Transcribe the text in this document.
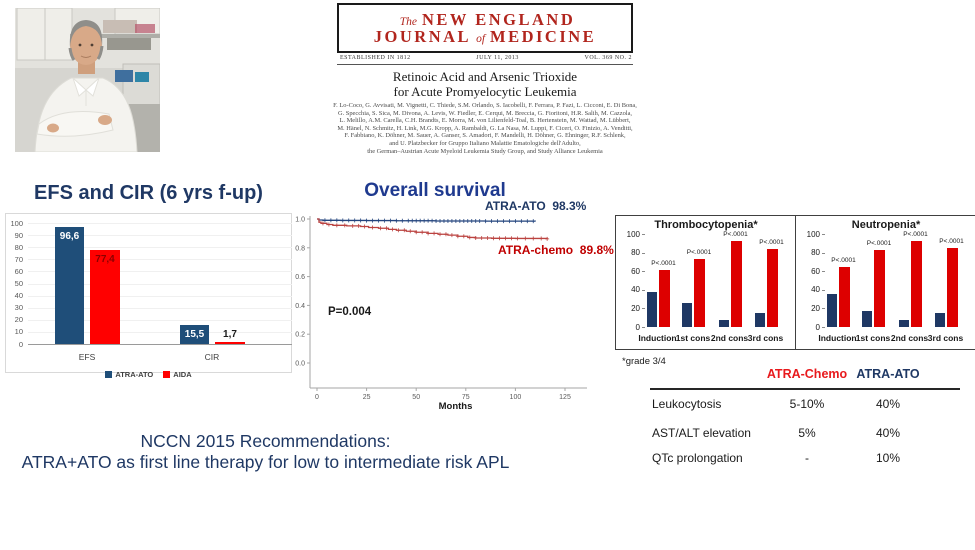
The NEW ENGLAND
JOURNAL of MEDICINE
ESTABLISHED IN 1812	JULY 11, 2013	VOL. 369 NO. 2
Retinoic Acid and Arsenic Trioxide
for Acute Promyelocytic Leukemia
F. Lo-Coco, G. Avvisati, M. Vignetti, C. Thiede, S.M. Orlando, S. Iacobelli, F. Ferrara, P. Fazi, L. Cicconi, E. Di Bona,
G. Specchia, S. Sica, M. Divona, A. Levis, W. Fiedler, E. Cerqui, M. Breccia, G. Fioritoni, H.R. Salih, M. Cazzola,
L. Melillo, A.M. Carella, C.H. Brandts, E. Morra, M. von Lilienfeld-Toal, B. Hertenstein, M. Wattad, M. Lübbert,
M. Hänel, N. Schmitz, H. Link, M.G. Kropp, A. Rambaldi, G. La Nasa, M. Luppi, F. Ciceri, O. Finizio, A. Venditti,
F. Fabbiano, K. Döhner, M. Sauer, A. Ganser, S. Amadori, F. Mandelli, H. Döhner, G. Ehninger, R.F. Schlenk,
and U. Platzbecker for Gruppo Italiano Malattie Ematologiche dell'Adulto,
the German–Austrian Acute Myeloid Leukemia Study Group, and Study Alliance Leukemia
EFS and CIR (6 yrs f-up)
0
10
20
30
40
50
60
70
80
90
100
96,6
15,5
77,4
1,7
EFS	CIR
ATRA-ATO	AIDA
Overall survival
1.0
0.8
0.6
0.4
0.2
0.0
0	25	50	75	100	125
ATRA-ATO  98.3%
ATRA-chemo  89.8%
P=0.004
Months
Thrombocytopenia*
0
20
40
60
80
100
P<.0001
Induction
P<.0001
1st cons
P<.0001
2nd cons
P<.0001
3rd cons
Neutropenia*
0
20
40
60
80
100
P<.0001
Induction
P<.0001
1st cons
P<.0001
2nd cons
P<.0001
3rd cons
*grade 3/4
ATRA-Chemo ATRA-ATO
Leukocytosis	5-10%	40%
AST/ALT elevation	5%	40%
QTc prolongation	-	10%
NCCN 2015 Recommendations:
ATRA+ATO as first line therapy for low to intermediate risk APL
